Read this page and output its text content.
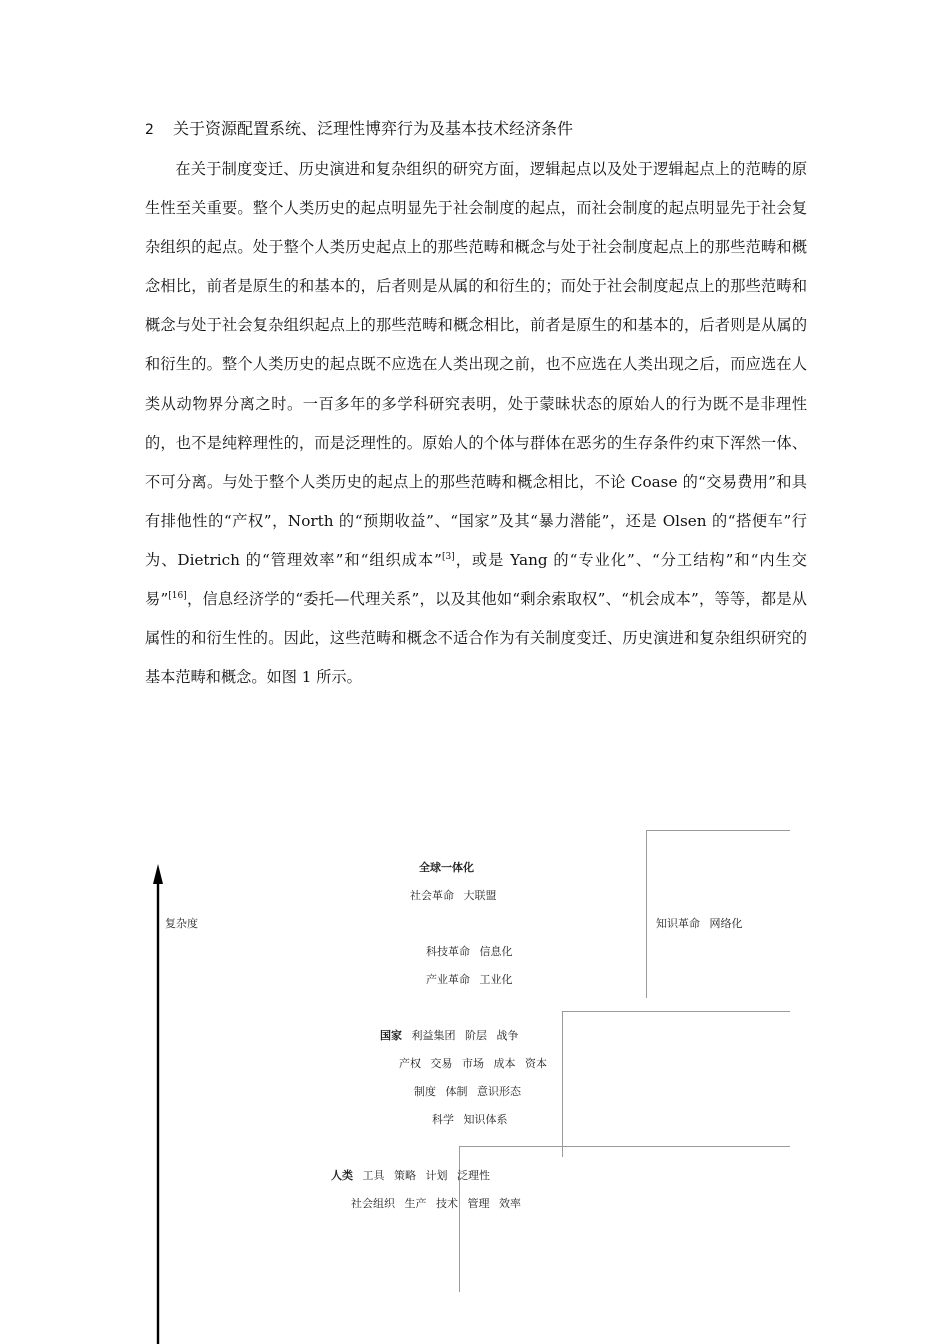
2 关于资源配置系统、泛理性博弈行为及基本技术经济条件

在关于制度变迁、历史演进和复杂组织的研究方面，逻辑起点以及处于逻辑起点上的范畴的原生性至关重要。整个人类历史的起点明显先于社会制度的起点，而社会制度的起点明显先于社会复杂组织的起点。处于整个人类历史起点上的那些范畴和概念与处于社会制度起点上的那些范畴和概念相比，前者是原生的和基本的，后者则是从属的和衍生的；而处于社会制度起点上的那些范畴和概念与处于社会复杂组织起点上的那些范畴和概念相比，前者是原生的和基本的，后者则是从属的和衍生的。整个人类历史的起点既不应选在人类出现之前，也不应选在人类出现之后，而应选在人类从动物界分离之时。一百多年的多学科研究表明，处于蒙昧状态的原始人的行为既不是非理性的，也不是纯粹理性的，而是泛理性的。原始人的个体与群体在恶劣的生存条件约束下浑然一体、不可分离。与处于整个人类历史的起点上的那些范畴和概念相比，不论 Coase 的“交易费用”和具有排他性的“产权”，North 的“预期收益”、“国家”及其“暴力潜能”，还是 Olsen 的“搭便车”行为、Dietrich 的“管理效率”和“组织成本”[3]，或是 Yang 的“专业化”、“分工结构”和“内生交易”[16]，信息经济学的“委托—代理关系”，以及其他如“剩余索取权”、“机会成本”，等等，都是从属性的和衍生性的。因此，这些范畴和概念不适合作为有关制度变迁、历史演进和复杂组织研究的基本范畴和概念。如图 1 所示。

复杂度
全球一体化
社会革命 大联盟
知识革命 网络化
科技革命 信息化
产业革命 工业化
国家 利益集团 阶层 战争
产权 交易 市场 成本 资本
制度 体制 意识形态
科学 知识体系
人类 工具 策略 计划 泛理性
社会组织 生产 技术 管理 效率
